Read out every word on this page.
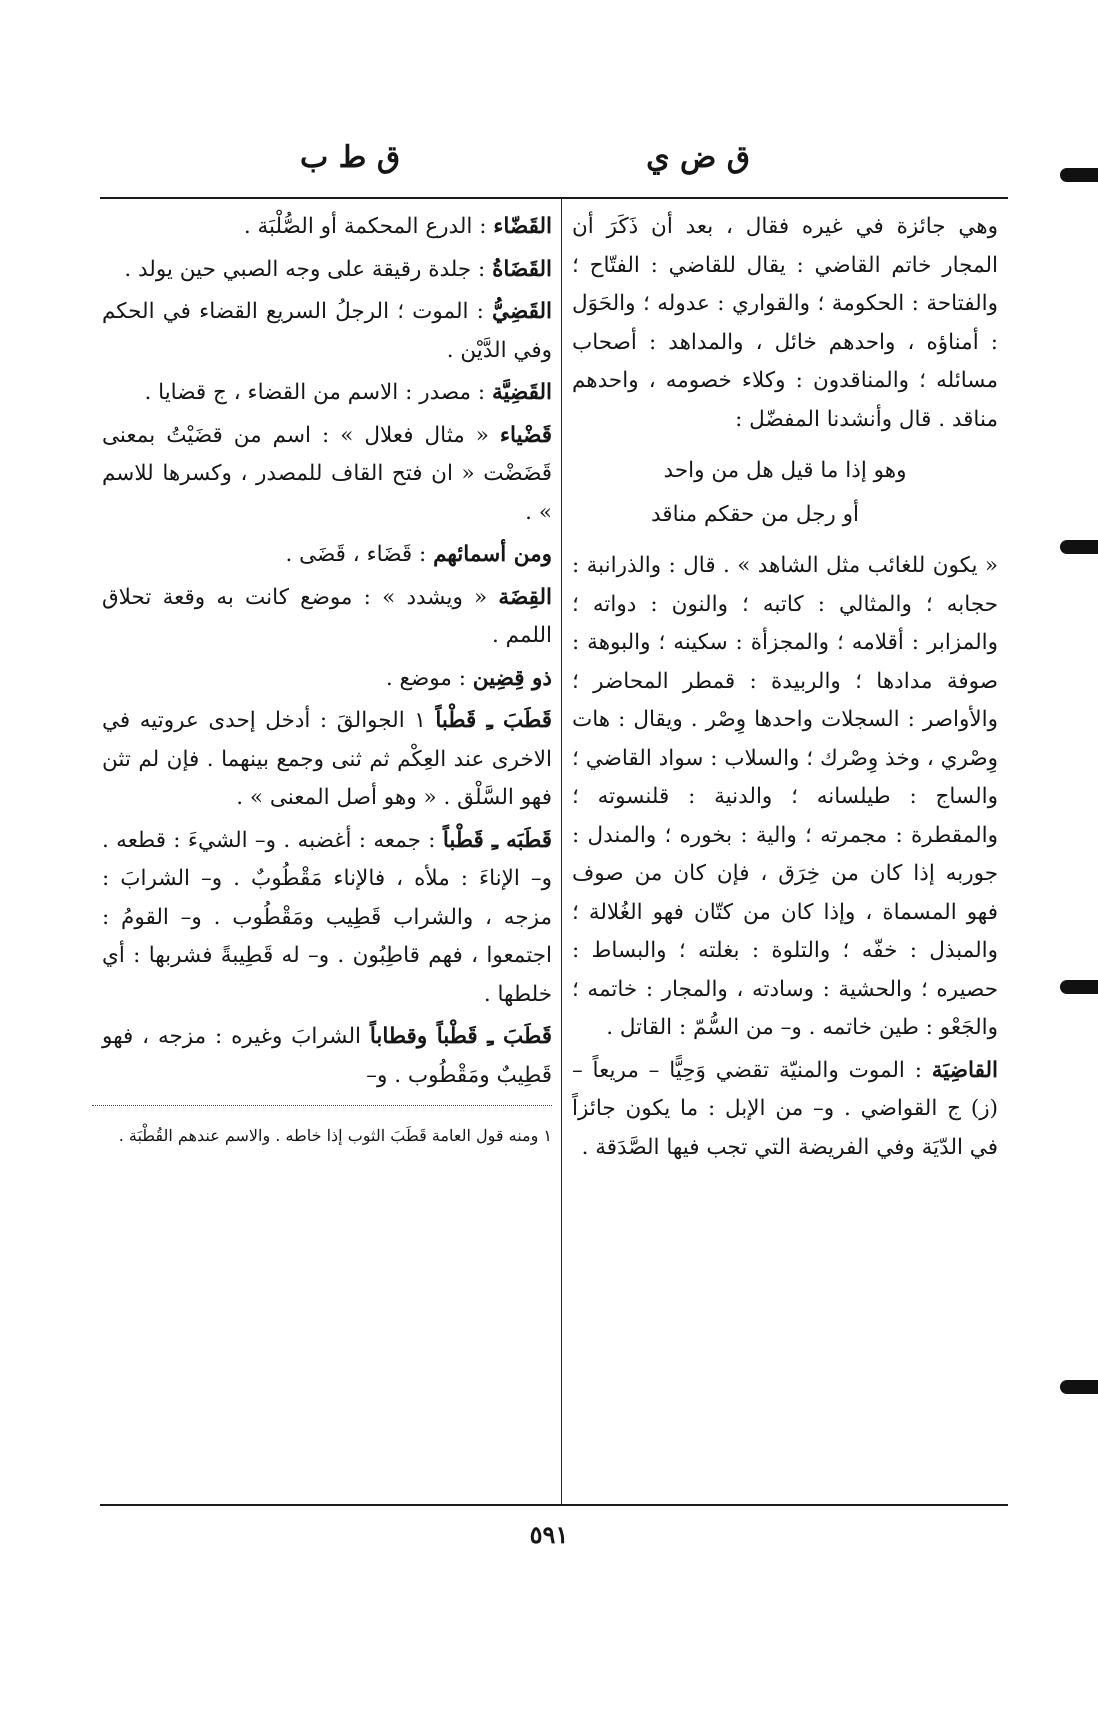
ق ض ي
ق ط ب

وهي جائزة في غيره فقال ، بعد أن ذَكَرَ أن المجار خاتم القاضي : يقال للقاضي : الفتّاح ؛ والفتاحة : الحكومة ؛ والقواري : عدوله ؛ والحَوَل : أمناؤه ، واحدهم خائل ، والمداهد : أصحاب مسائله ؛ والمناقدون : وكلاء خصومه ، واحدهم مناقد . قال وأنشدنا المفضّل :

وهو إذا ما قيل هل من واحد
أو رجل من حقكم مناقد

« يكون للغائب مثل الشاهد » . قال : والذرانبة : حجابه ؛ والمثالي : كاتبه ؛ والنون : دواته ؛ والمزابر : أقلامه ؛ والمجزأة : سكينه ؛ والبوهة : صوفة مدادها ؛ والربيدة : قمطر المحاضر ؛ والأواصر : السجلات واحدها وِصْر . ويقال : هات وِصْري ، وخذ وِصْرك ؛ والسلاب : سواد القاضي ؛ والساج : طيلسانه ؛ والدنية : قلنسوته ؛ والمقطرة : مجمرته ؛ والية : بخوره ؛ والمندل : جوربه إذا كان من خِرَق ، فإن كان من صوف فهو المسماة ، وإذا كان من كتّان فهو الغُلالة ؛ والمبذل : خفّه ؛ والتلوة : بغلته ؛ والبساط : حصيره ؛ والحشية : وسادته ، والمجار : خاتمه ؛ والجَعْو : طين خاتمه . و– من السُّمّ : القاتل .

القاضِيَة : الموت والمنيّة تقضي وَحِيًّا – مريعاً – (ز) ج القواضي . و– من الإبل : ما يكون جائزاً في الدّيَة وفي الفريضة التي تجب فيها الصَّدَقة .

القَضّاء : الدرع المحكمة أو الصُّلْبَة .

القَضَاةُ : جلدة رقيقة على وجه الصبي حين يولد .

القَضِيُّ : الموت ؛ الرجلُ السريع القضاء في الحكم وفي الدَّيْن .

القَضِيَّة : مصدر : الاسم من القضاء ، ج قضايا .

قَضْياء « مثال فعلال » : اسم من قضَيْتُ بمعنى قَضَضْت « ان فتح القاف للمصدر ، وكسرها للاسم » .

ومن أسمائهم : قَضَاء ، قَضَى .

القِضَة « ويشدد » : موضع كانت به وقعة تحلاق اللمم .

ذو قِضِين : موضع .

قَطَبَ ـِ قَطْباً ١ الجوالقَ : أدخل إحدى عروتيه في الاخرى عند العِكْم ثم ثنى وجمع بينهما . فإن لم تثن فهو السَّلْق . « وهو أصل المعنى » .

قَطَبَه ـِ قَطْباً : جمعه : أغضبه . و– الشيءَ : قطعه . و– الإناءَ : ملأه ، فالإناء مَقْطُوبٌ . و– الشرابَ : مزجه ، والشراب قَطِيب ومَقْطُوب . و– القومُ : اجتمعوا ، فهم قاطِبُون . و– له قَطِيبةً فشربها : أي خلطها .

قَطَبَ ـِ قَطْباً وقطاباً الشرابَ وغيره : مزجه ، فهو قَطِيبٌ ومَقْطُوب . و–

١ ومنه قول العامة قَطَبَ الثوب إذا خاطه . والاسم عندهم القُطْبَة .

٥٩١
